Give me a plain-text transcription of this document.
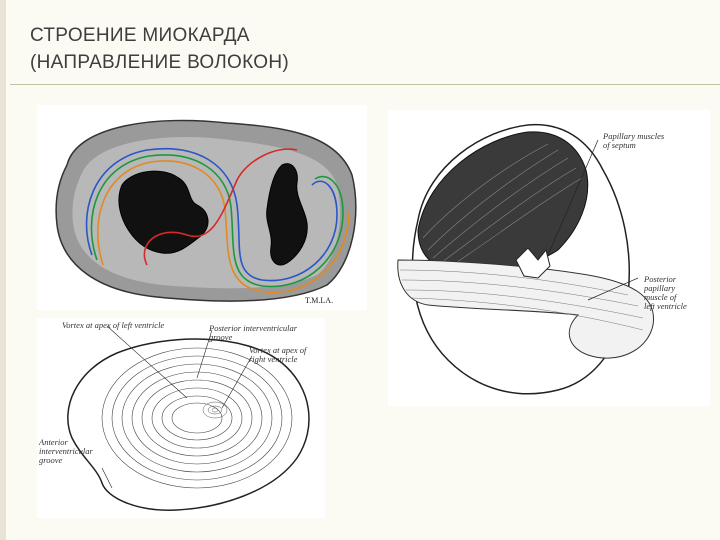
СТРОЕНИЕ МИОКАРДА
(НАПРАВЛЕНИЕ ВОЛОКОН)
T.M.LA.
Papillary muscles
of septum
Posterior
papillary
muscle of
left ventricle
Vortex at apex of left ventricle	Posterior interventricular
groove
Vortex at apex of
right ventricle
Anterior
interventricular
groove
